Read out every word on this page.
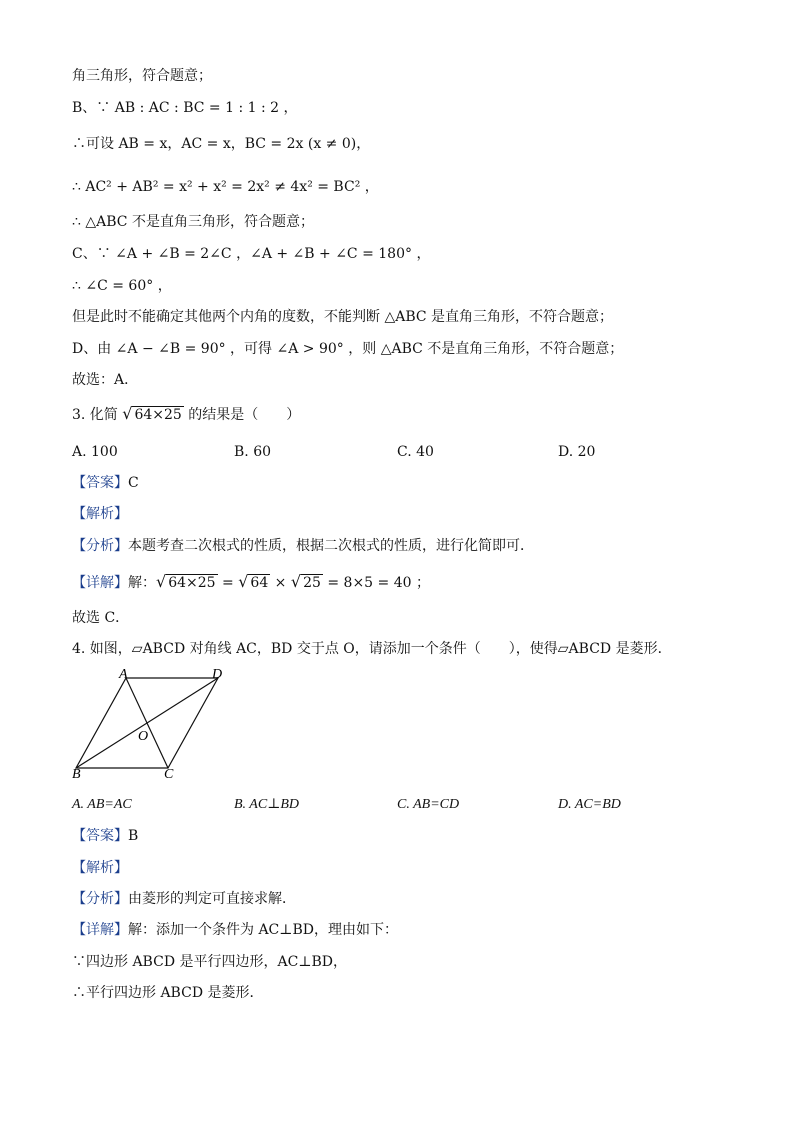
角三角形，符合题意；
B、∵ AB : AC : BC = 1 : 1 : 2 ，
∴可设 AB = x，AC = x，BC = 2x (x ≠ 0)，
∴ AC² + AB² = x² + x² = 2x² ≠ 4x² = BC² ，
∴ △ABC 不是直角三角形，符合题意；
C、∵ ∠A + ∠B = 2∠C ，∠A + ∠B + ∠C = 180° ，
∴ ∠C = 60° ，
但是此时不能确定其他两个内角的度数，不能判断 △ABC 是直角三角形，不符合题意；
D、由 ∠A − ∠B = 90° ，可得 ∠A > 90° ，则 △ABC 不是直角三角形，不符合题意；
故选：A．
3. 化简 √ 64×25 的结果是（　　）
A. 100	B. 60	C. 40	D. 20
【答案】C
【解析】
【分析】本题考查二次根式的性质，根据二次根式的性质，进行化简即可．
【详解】解：√ 64×25 = √ 64 × √ 25 = 8×5 = 40 ；
故选 C．
4. 如图，▱ABCD 对角线 AC，BD 交于点 O，请添加一个条件（　　），使得▱ABCD 是菱形．
A	D
O
B	C
A. AB=AC	B. AC⊥BD	C. AB=CD	D. AC=BD
【答案】B
【解析】
【分析】由菱形的判定可直接求解．
【详解】解：添加一个条件为 AC⊥BD，理由如下：
∵四边形 ABCD 是平行四边形，AC⊥BD，
∴平行四边形 ABCD 是菱形．
